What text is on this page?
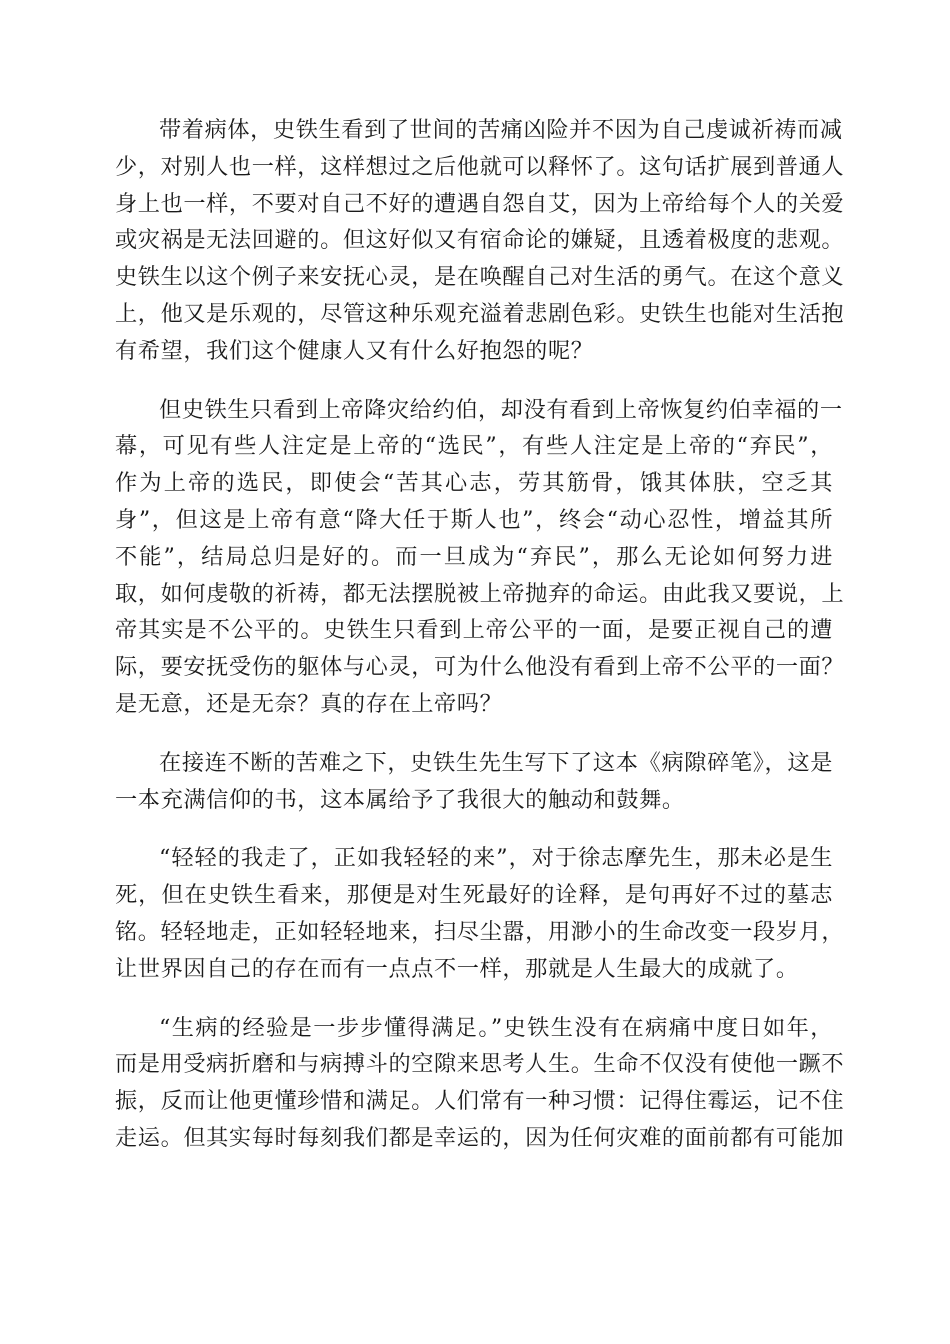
带着病体，史铁生看到了世间的苦痛凶险并不因为自己虔诚祈祷而减
少，对别人也一样，这样想过之后他就可以释怀了。这句话扩展到普通人
身上也一样，不要对自己不好的遭遇自怨自艾，因为上帝给每个人的关爱
或灾祸是无法回避的。但这好似又有宿命论的嫌疑，且透着极度的悲观。
史铁生以这个例子来安抚心灵，是在唤醒自己对生活的勇气。在这个意义
上，他又是乐观的，尽管这种乐观充溢着悲剧色彩。史铁生也能对生活抱
有希望，我们这个健康人又有什么好抱怨的呢？
但史铁生只看到上帝降灾给约伯，却没有看到上帝恢复约伯幸福的一
幕，可见有些人注定是上帝的“选民”，有些人注定是上帝的“弃民”，
作为上帝的选民，即使会“苦其心志，劳其筋骨，饿其体肤，空乏其
身”，但这是上帝有意“降大任于斯人也”，终会“动心忍性，增益其所
不能”，结局总归是好的。而一旦成为“弃民”，那么无论如何努力进
取，如何虔敬的祈祷，都无法摆脱被上帝抛弃的命运。由此我又要说，上
帝其实是不公平的。史铁生只看到上帝公平的一面，是要正视自己的遭
际，要安抚受伤的躯体与心灵，可为什么他没有看到上帝不公平的一面？
是无意，还是无奈？真的存在上帝吗？
在接连不断的苦难之下，史铁生先生写下了这本《病隙碎笔》，这是
一本充满信仰的书，这本属给予了我很大的触动和鼓舞。
“轻轻的我走了，正如我轻轻的来”，对于徐志摩先生，那未必是生
死，但在史铁生看来，那便是对生死最好的诠释，是句再好不过的墓志
铭。轻轻地走，正如轻轻地来，扫尽尘嚣，用渺小的生命改变一段岁月，
让世界因自己的存在而有一点点不一样，那就是人生最大的成就了。
“生病的经验是一步步懂得满足。”史铁生没有在病痛中度日如年，
而是用受病折磨和与病搏斗的空隙来思考人生。生命不仅没有使他一蹶不
振，反而让他更懂珍惜和满足。人们常有一种习惯：记得住霉运，记不住
走运。但其实每时每刻我们都是幸运的，因为任何灾难的面前都有可能加
